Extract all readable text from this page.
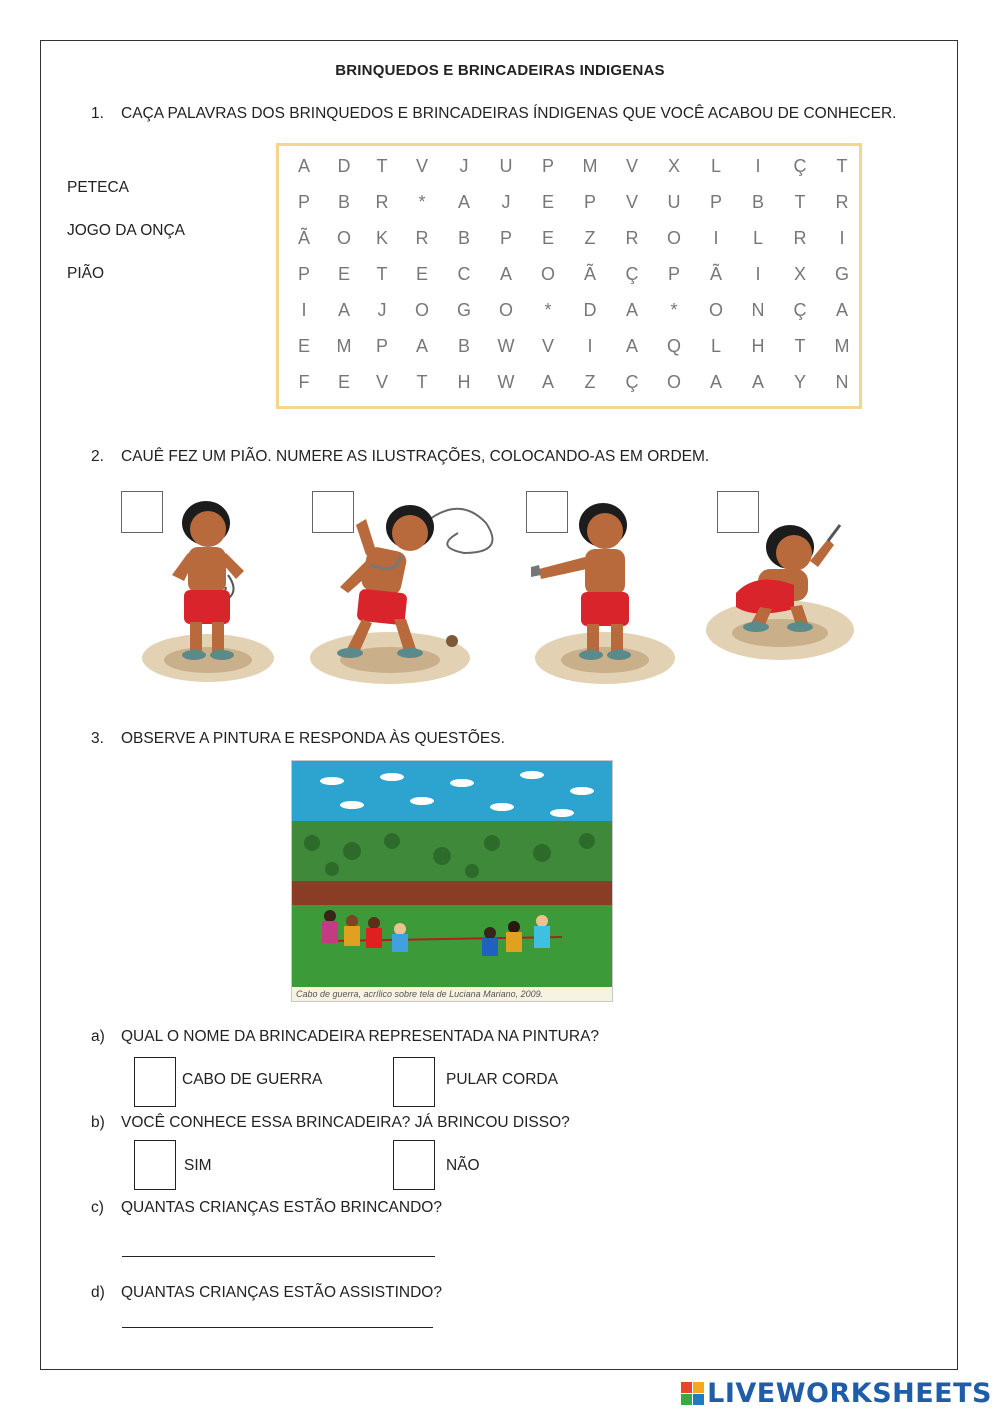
BRINQUEDOS E BRINCADEIRAS INDIGENAS
1. CAÇA PALAVRAS DOS BRINQUEDOS E BRINCADEIRAS ÍNDIGENAS QUE VOCÊ ACABOU DE CONHECER.
PETECA
JOGO DA ONÇA
PIÃO
A	D	T	V	J	U	P	M	V	X	L	I	Ç	T
P	B	R	*	A	J	E	P	V	U	P	B	T	R
Ã	O	K	R	B	P	E	Z	R	O	I	L	R	I
P	E	T	E	C	A	O	Ã	Ç	P	Ã	I	X	G
I	A	J	O	G	O	*	D	A	*	O	N	Ç	A
E	M	P	A	B	W	V	I	A	Q	L	H	T	M
F	E	V	T	H	W	A	Z	Ç	O	A	A	Y	N
2. CAUÊ FEZ UM PIÃO. NUMERE AS ILUSTRAÇÕES, COLOCANDO-AS EM ORDEM.
3. OBSERVE A PINTURA E RESPONDA ÀS QUESTÕES.
Cabo de guerra, acrílico sobre tela de Luciana Mariano, 2009.
a) QUAL O NOME DA BRINCADEIRA REPRESENTADA NA PINTURA?
CABO DE GUERRA	PULAR CORDA
b) VOCÊ CONHECE ESSA BRINCADEIRA? JÁ BRINCOU DISSO?
SIM	NÃO
c) QUANTAS CRIANÇAS ESTÃO BRINCANDO?
d) QUANTAS CRIANÇAS ESTÃO ASSISTINDO?
LIVEWORKSHEETS
